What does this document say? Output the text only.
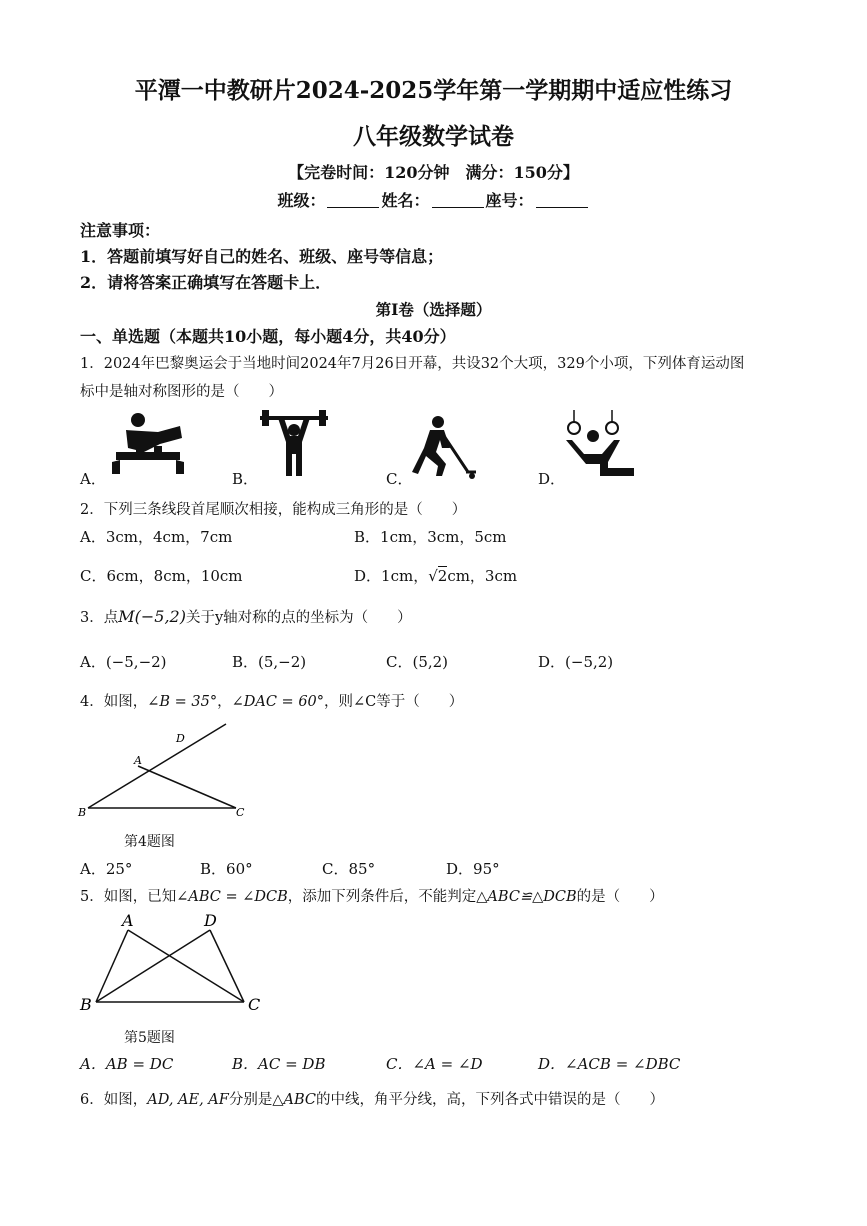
平潭一中教研片2024-2025学年第一学期期中适应性练习
八年级数学试卷
【完卷时间：120分钟　满分：150分】
班级：	姓名：	座号：
注意事项：
1．答题前填写好自己的姓名、班级、座号等信息；
2．请将答案正确填写在答题卡上．
第Ⅰ卷（选择题）
一、单选题（本题共10小题，每小题4分，共40分）
1．2024年巴黎奥运会于当地时间2024年7月26日开幕，共设32个大项，329个小项，下列体育运动图
标中是轴对称图形的是（　　）
A．	B．	C．	D．
2．下列三条线段首尾顺次相接，能构成三角形的是（　　）
A．3cm，4cm，7cm	B．1cm，3cm，5cm
C．6cm，8cm，10cm	D．1cm，√2cm，3cm
3．点M(−5,2)关于y轴对称的点的坐标为（　　）
A．(−5,−2)	B．(5,−2)	C．(5,2)	D．(−5,2)
4．如图，∠B = 35°，∠DAC = 60°，则∠C等于（　　）
D
A
B	C
第4题图
A．25°	B．60°	C．85°	D．95°
5．如图，已知∠ABC = ∠DCB，添加下列条件后，不能判定△ABC≌△DCB的是（　　）
A	D
B	C
第5题图
A．AB = DC	B．AC = DB	C．∠A = ∠D	D．∠ACB = ∠DBC
6．如图，AD, AE, AF分别是△ABC的中线，角平分线，高，下列各式中错误的是（　　）
